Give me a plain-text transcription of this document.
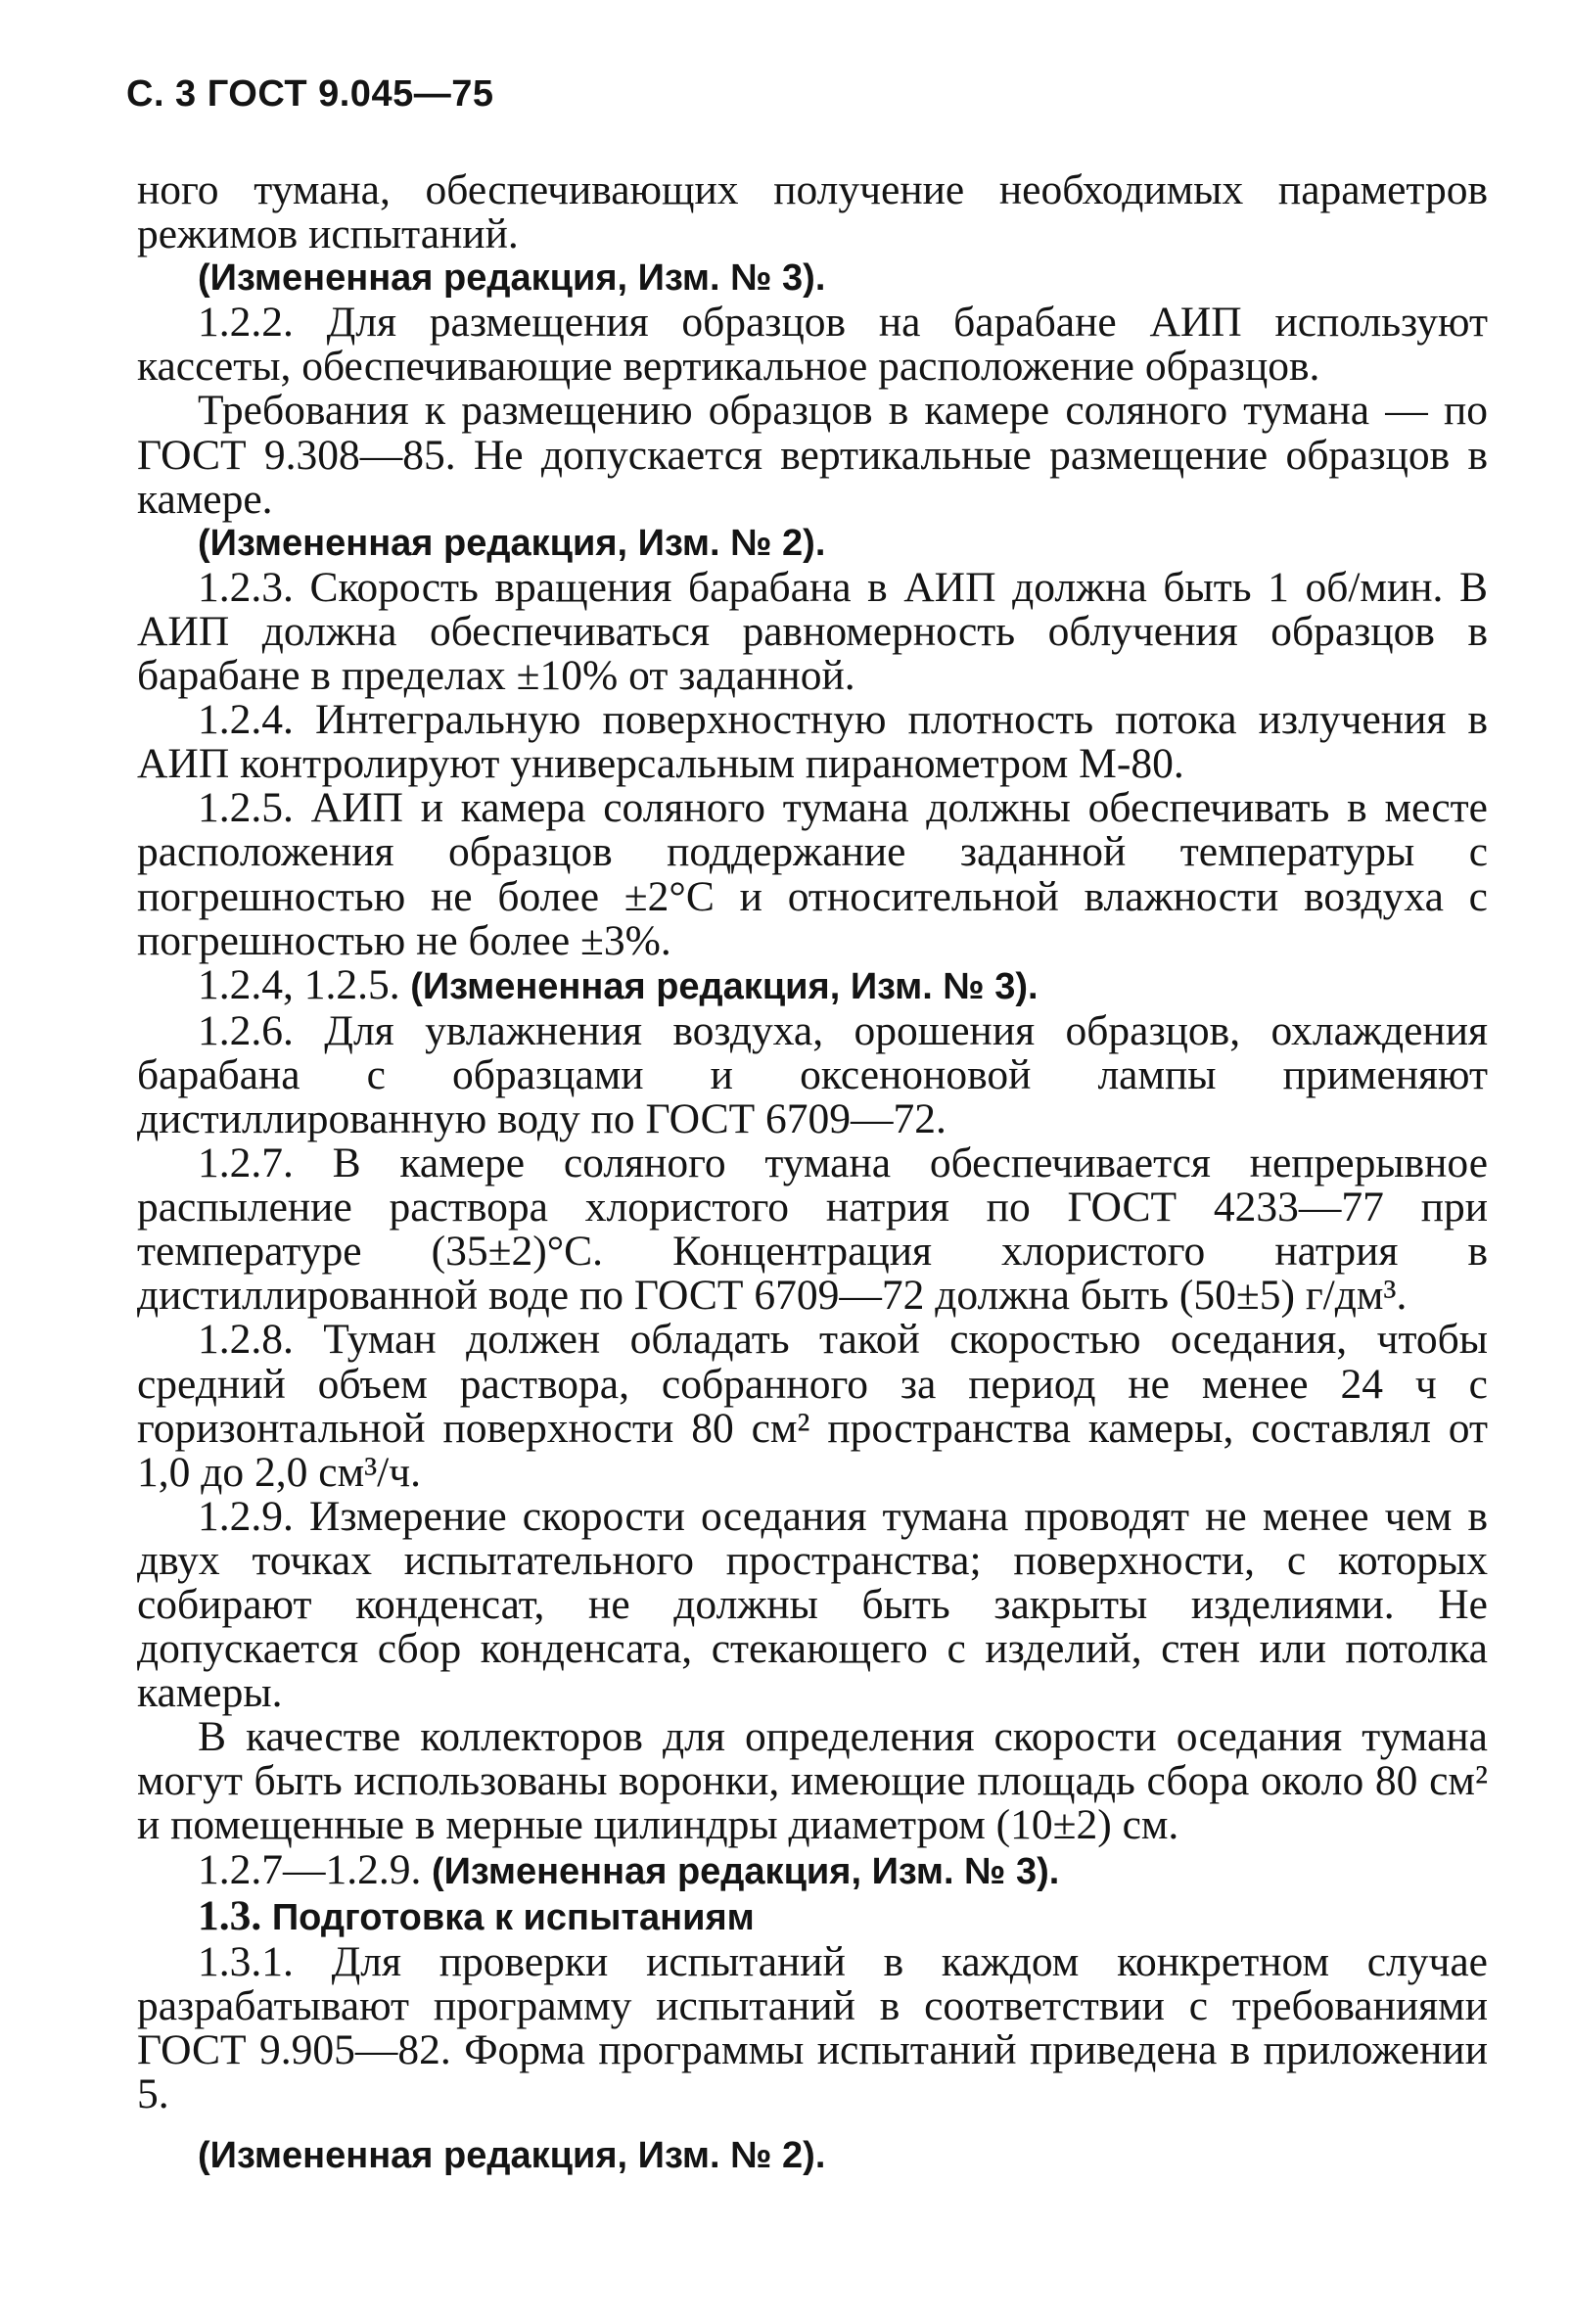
С. 3 ГОСТ 9.045—75

ного тумана, обеспечивающих получение необходимых параметров режимов испытаний.

(Измененная редакция, Изм. № 3).

1.2.2. Для размещения образцов на барабане АИП используют кассеты, обеспечивающие вертикальное расположение образцов.

Требования к размещению образцов в камере соляного тумана — по ГОСТ 9.308—85. Не допускается вертикальные размещение образцов в камере.

(Измененная редакция, Изм. № 2).

1.2.3. Скорость вращения барабана в АИП должна быть 1 об/мин. В АИП должна обеспечиваться равномерность облучения образцов в барабане в пределах ±10% от заданной.

1.2.4. Интегральную поверхностную плотность потока излучения в АИП контролируют универсальным пиранометром М-80.

1.2.5. АИП и камера соляного тумана должны обеспечивать в месте расположения образцов поддержание заданной температуры с погрешностью не более ±2°С и относительной влажности воздуха с погрешностью не более ±3%.

1.2.4, 1.2.5. (Измененная редакция, Изм. № 3).

1.2.6. Для увлажнения воздуха, орошения образцов, охлаждения барабана с образцами и оксеноновой лампы применяют дистиллированную воду по ГОСТ 6709—72.

1.2.7. В камере соляного тумана обеспечивается непрерывное распыление раствора хлористого натрия по ГОСТ 4233—77 при температуре (35±2)°С. Концентрация хлористого натрия в дистиллированной воде по ГОСТ 6709—72 должна быть (50±5) г/дм³.

1.2.8. Туман должен обладать такой скоростью оседания, чтобы средний объем раствора, собранного за период не менее 24 ч с горизонтальной поверхности 80 см² пространства камеры, составлял от 1,0 до 2,0 см³/ч.

1.2.9. Измерение скорости оседания тумана проводят не менее чем в двух точках испытательного пространства; поверхности, с которых собирают конденсат, не должны быть закрыты изделиями. Не допускается сбор конденсата, стекающего с изделий, стен или потолка камеры.

В качестве коллекторов для определения скорости оседания тумана могут быть использованы воронки, имеющие площадь сбора около 80 см² и помещенные в мерные цилиндры диаметром (10±2) см.

1.2.7—1.2.9. (Измененная редакция, Изм. № 3).

1.3. Подготовка к испытаниям

1.3.1. Для проверки испытаний в каждом конкретном случае разрабатывают программу испытаний в соответствии с требованиями ГОСТ 9.905—82. Форма программы испытаний приведена в приложении 5.

(Измененная редакция, Изм. № 2).
